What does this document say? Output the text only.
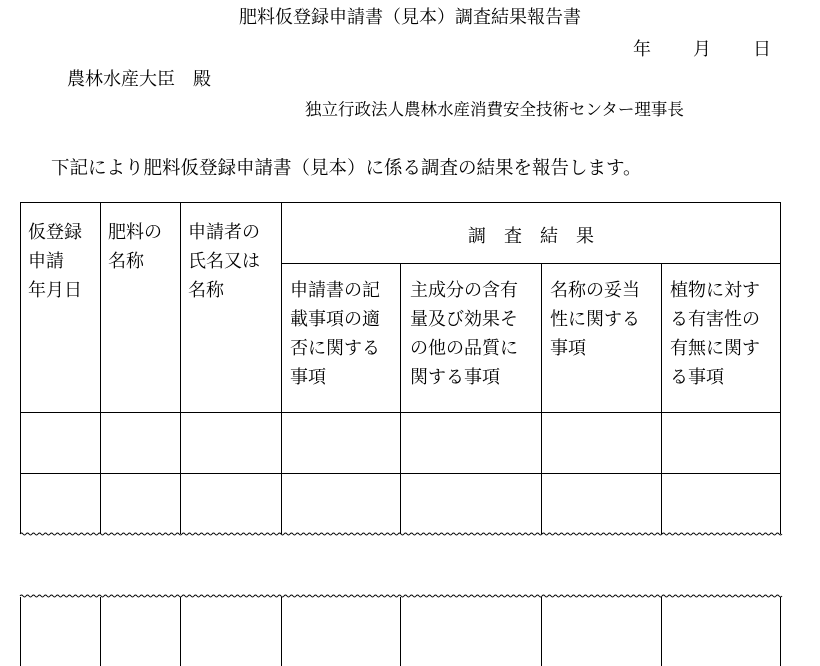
肥料仮登録申請書（見本）調査結果報告書
年 月 日
農林水産大臣　殿
独立行政法人農林水産消費安全技術センター理事長
下記により肥料仮登録申請書（見本）に係る調査の結果を報告します。
仮登録
申請
年月日
肥料の
名称
申請者の
氏名又は
名称
調査結果
申請書の記
載事項の適
否に関する
事項
主成分の含有
量及び効果そ
の他の品質に
関する事項
名称の妥当
性に関する
事項
植物に対す
る有害性の
有無に関す
る事項
